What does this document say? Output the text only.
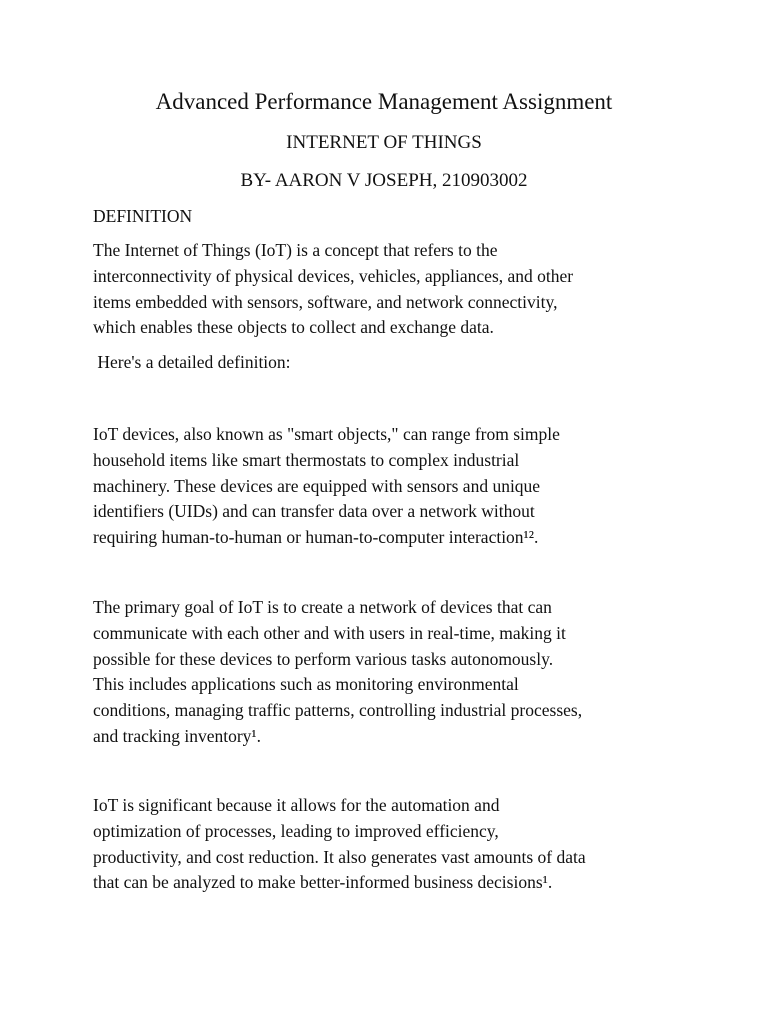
Advanced Performance Management Assignment
INTERNET OF THINGS
BY- AARON V JOSEPH, 210903002
DEFINITION
The Internet of Things (IoT) is a concept that refers to the
interconnectivity of physical devices, vehicles, appliances, and other
items embedded with sensors, software, and network connectivity,
which enables these objects to collect and exchange data.
Here's a detailed definition:
IoT devices, also known as "smart objects," can range from simple
household items like smart thermostats to complex industrial
machinery. These devices are equipped with sensors and unique
identifiers (UIDs) and can transfer data over a network without
requiring human-to-human or human-to-computer interaction¹².
The primary goal of IoT is to create a network of devices that can
communicate with each other and with users in real-time, making it
possible for these devices to perform various tasks autonomously.
This includes applications such as monitoring environmental
conditions, managing traffic patterns, controlling industrial processes,
and tracking inventory¹.
IoT is significant because it allows for the automation and
optimization of processes, leading to improved efficiency,
productivity, and cost reduction. It also generates vast amounts of data
that can be analyzed to make better-informed business decisions¹.
